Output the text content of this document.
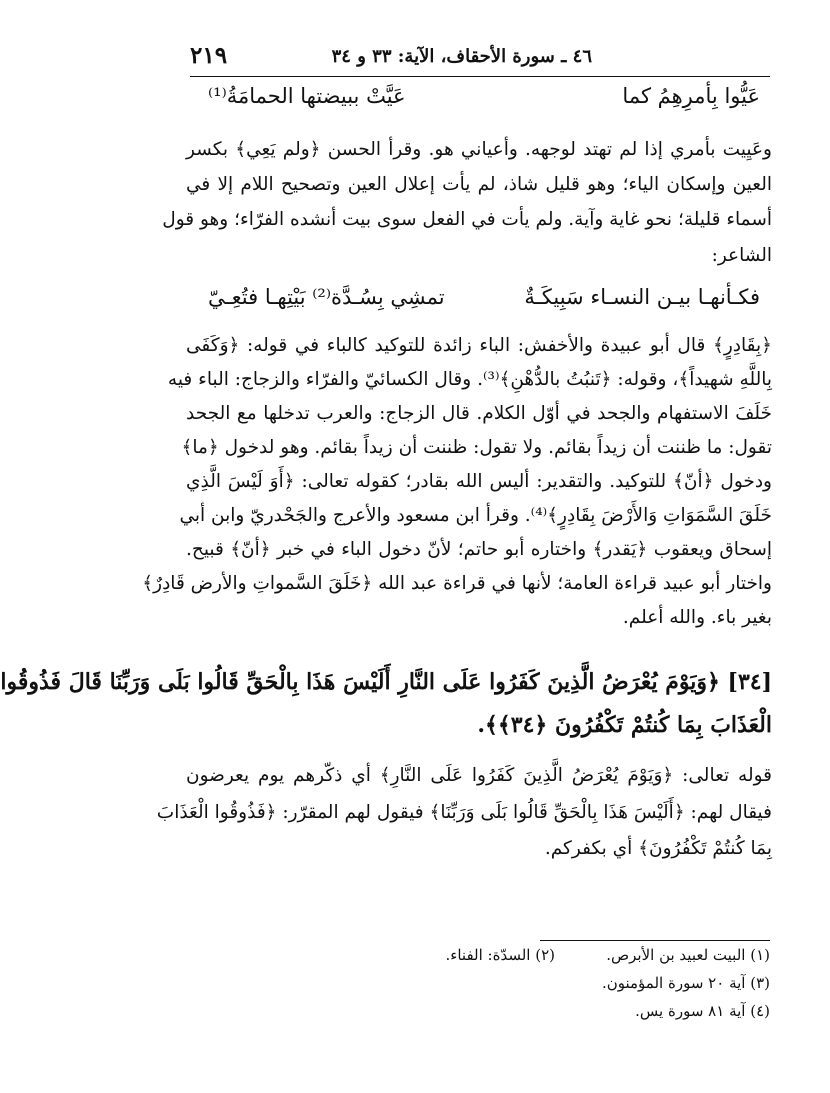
٤٦ ـ سورة الأحقاف، الآية: ٣٣ و ٣٤
٢١٩
عَيُّوا بِأمرِهِمُ كما
عَيَّتْ ببيضتها الحمامَةُ⁽¹⁾
وعَيِيت بأمري إذا لم تهتد لوجهه. وأعياني هو. وقرأ الحسن ﴿ولم يَعِي﴾ بكسر
العين وإسكان الياء؛ وهو قليل شاذ، لم يأت إعلال العين وتصحيح اللام إلا في
أسماء قليلة؛ نحو غاية وآية. ولم يأت في الفعل سوى بيت أنشده الفرّاء؛ وهو قول
الشاعر:
فكـأنهـا بيـن النسـاء سَبِيكَـةٌ
تمشِي بِسُـدَّة⁽²⁾ بَيْتِهـا فتُعِـيّ
﴿بِقَادِرٍ﴾ قال أبو عبيدة والأخفش: الباء زائدة للتوكيد كالباء في قوله: ﴿وَكَفَى
بِاللَّهِ شهيداً﴾، وقوله: ﴿تَنبُتُ بالدُّهْنِ﴾⁽³⁾. وقال الكسائيّ والفرّاء والزجاج: الباء فيه
خَلَفَ الاستفهام والجحد في أوّل الكلام. قال الزجاج: والعرب تدخلها مع الجحد
تقول: ما ظننت أن زيداً بقائم. ولا تقول: ظننت أن زيداً بقائم. وهو لدخول ﴿ما﴾
ودخول ﴿أنّ﴾ للتوكيد. والتقدير: أليس الله بقادر؛ كقوله تعالى: ﴿أَوَ لَيْسَ الَّذِي
خَلَقَ السَّمَوَاتِ وَالأَرْضَ بِقَادِرٍ﴾⁽⁴⁾. وقرأ ابن مسعود والأعرج والجَحْدريّ وابن أبي
إسحاق ويعقوب ﴿يَقدر﴾ واختاره أبو حاتم؛ لأنّ دخول الباء في خبر ﴿أنّ﴾ قبيح.
واختار أبو عبيد قراءة العامة؛ لأنها في قراءة عبد الله ﴿خَلَقَ السَّمواتِ والأرض قَادِرٌ﴾
بغير باء. والله أعلم.
[٣٤] ﴿وَيَوْمَ يُعْرَضُ الَّذِينَ كَفَرُوا عَلَى النَّارِ أَلَيْسَ هَذَا بِالْحَقِّ قَالُوا بَلَى وَرَبِّنَا قَالَ فَذُوقُوا
الْعَذَابَ بِمَا كُنتُمْ تَكْفُرُونَ ﴿٣٤﴾﴾.
قوله تعالى: ﴿وَيَوْمَ يُعْرَضُ الَّذِينَ كَفَرُوا عَلَى النَّارِ﴾ أي ذكّرهم يوم يعرضون
فيقال لهم: ﴿أَلَيْسَ هَذَا بِالْحَقِّ قَالُوا بَلَى وَرَبِّنَا﴾ فيقول لهم المقرّر: ﴿فَذُوقُوا الْعَذَابَ
بِمَا كُنتُمْ تَكْفُرُونَ﴾ أي بكفركم.
(١) البيت لعبيد بن الأبرص.
(٢) السدّة: الفناء.
(٣) آية ٢٠ سورة المؤمنون.
(٤) آية ٨١ سورة يس.
